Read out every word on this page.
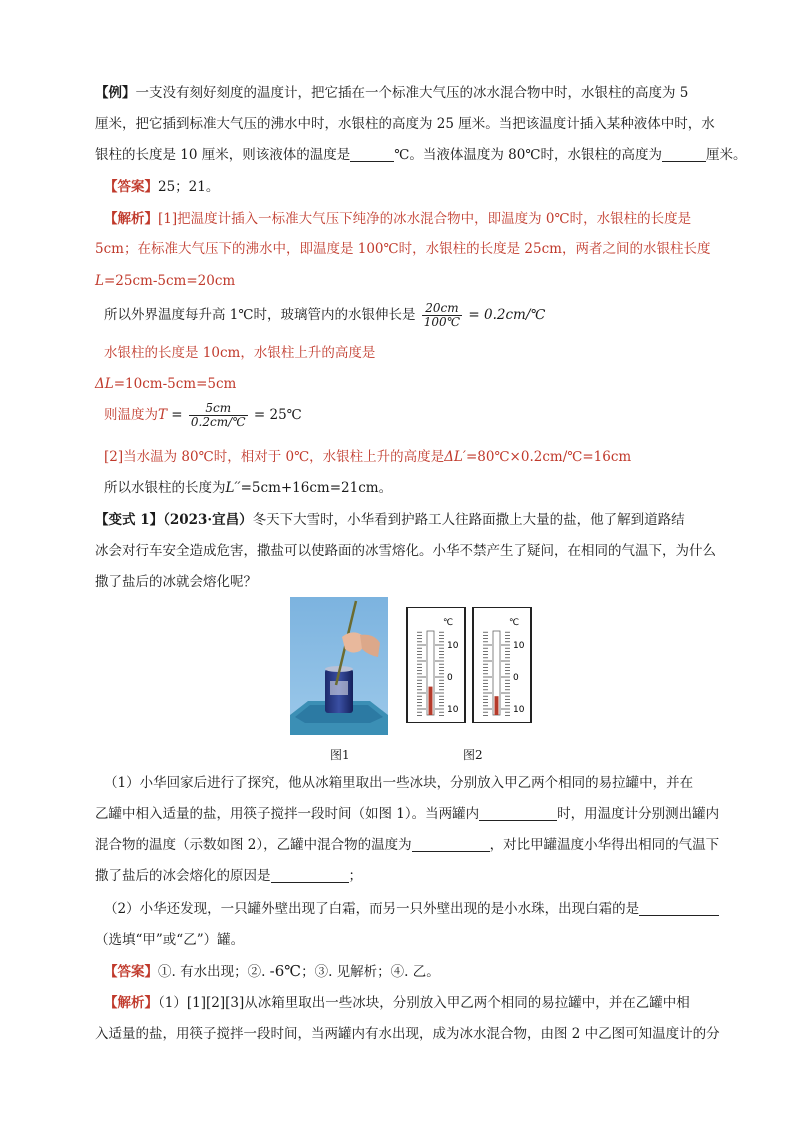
【例】一支没有刻好刻度的温度计，把它插在一个标准大气压的冰水混合物中时，水银柱的高度为 5
厘米，把它插到标准大气压的沸水中时，水银柱的高度为 25 厘米。当把该温度计插入某种液体中时，水
银柱的长度是 10 厘米，则该液体的温度是	℃。当液体温度为 80℃时，水银柱的高度为	厘米。
【答案】25；21。
【解析】[1]把温度计插入一标准大气压下纯净的冰水混合物中，即温度为 0℃时，水银柱的长度是
5cm；在标准大气压下的沸水中，即温度是 100℃时，水银柱的长度是 25cm，两者之间的水银柱长度
L=25cm-5cm=20cm
所以外界温度每升高 1℃时，玻璃管内的水银伸长是 $\frac{20cm}{100℃}$ = 0.2cm/℃
水银柱的长度是 10cm，水银柱上升的高度是
ΔL=10cm-5cm=5cm
则温度为$T = \frac{5cm}{0.2cm/℃}$ = 25℃
[2]当水温为 80℃时，相对于 0℃，水银柱上升的高度是ΔL′=80℃×0.2cm/℃=16cm
所以水银柱的长度为L′′=5cm+16cm=21cm。
【变式 1】（2023·宜昌）冬天下大雪时，小华看到护路工人往路面撒上大量的盐，他了解到道路结
冰会对行车安全造成危害，撒盐可以使路面的冰雪熔化。小华不禁产生了疑问，在相同的气温下，为什么
撒了盐后的冰就会熔化呢？
℃
10
0
10
℃
10
0
10
图1	图2
（1）小华回家后进行了探究，他从冰箱里取出一些冰块，分别放入甲乙两个相同的易拉罐中，并在
乙罐中相入适量的盐，用筷子搅拌一段时间（如图 1）。当两罐内	时，用温度计分别测出罐内
混合物的温度（示数如图 2），乙罐中混合物的温度为	，对比甲罐温度小华得出相同的气温下
撒了盐后的冰会熔化的原因是	；
（2）小华还发现，一只罐外壁出现了白霜，而另一只外壁出现的是小水珠，出现白霜的是
（选填“甲”或“乙”）罐。
【答案】①. 有水出现；②. -6℃；③. 见解析；④. 乙。
【解析】（1）[1][2][3]从冰箱里取出一些冰块，分别放入甲乙两个相同的易拉罐中，并在乙罐中相
入适量的盐，用筷子搅拌一段时间，当两罐内有水出现，成为冰水混合物，由图 2 中乙图可知温度计的分
